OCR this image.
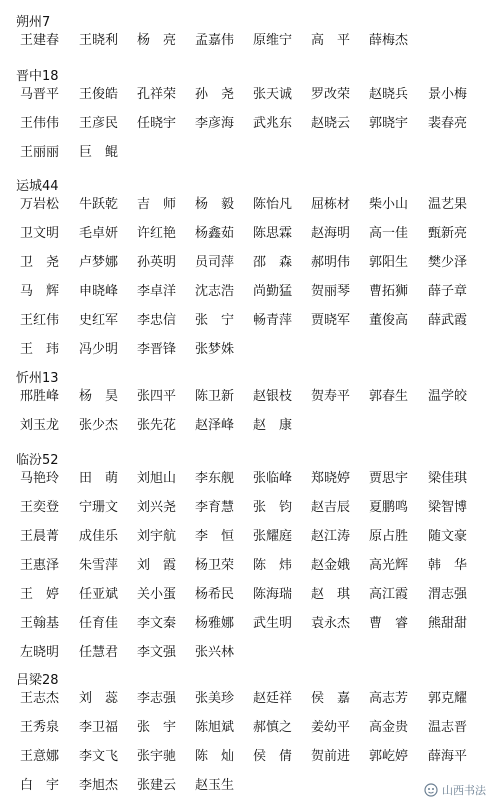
朔州7
王建春 王晓利 杨亮 孟嘉伟 原维宁 高平 薛梅杰
晋中18
马晋平 王俊皓 孔祥荣 孙尧 张天诚 罗改荣 赵晓兵 景小梅
王伟伟 王彦民 任晓宇 李彦海 武兆东 赵晓云 郭晓宇 裴春亮
王丽丽 巨鲲
运城44
万岩松 牛跃乾 吉师 杨毅 陈怡凡 屈栋材 柴小山 温艺果
卫文明 毛卓妍 许红艳 杨鑫茹 陈思霖 赵海明 高一佳 甄新亮
卫尧 卢梦娜 孙英明 员司萍 邵森 郝明伟 郭阳生 樊少泽
马辉 申晓峰 李卓洋 沈志浩 尚勤猛 贺丽琴 曹拓狮 薛子章
王红伟 史红军 李忠信 张宁 畅青萍 贾晓军 董俊高 薛武霞
王玮 冯少明 李晋锋 张梦姝
忻州13
邢胜峰 杨昊 张四平 陈卫新 赵银枝 贺寿平 郭春生 温学皎
刘玉龙 张少杰 张先花 赵泽峰 赵康
临汾52
马艳玲 田萌 刘旭山 李东舰 张临峰 郑晓婷 贾思宇 梁佳琪
王奕登 宁珊文 刘兴尧 李育慧 张钧 赵吉辰 夏鹏鸣 梁智博
王晨菁 成佳乐 刘宇航 李恒 张耀庭 赵江涛 原占胜 随文豪
王惠泽 朱雪萍 刘霞 杨卫荣 陈炜 赵金娥 高光辉 韩华
王婷 任亚斌 关小蛋 杨希民 陈海瑞 赵琪 高江霞 渭志强
王翰基 任育佳 李文秦 杨雅娜 武生明 袁永杰 曹睿 熊甜甜
左晓明 任慧君 李文强 张兴林
吕梁28
王志杰 刘蕊 李志强 张美珍 赵廷祥 侯嘉 高志芳 郭克耀
王秀泉 李卫福 张宇 陈旭斌 郝慎之 姜幼平 高金贵 温志晋
王意娜 李文飞 张宇驰 陈灿 侯倩 贺前进 郭屹婷 薛海平
白宇 李旭杰 张建云 赵玉生	山西书法
